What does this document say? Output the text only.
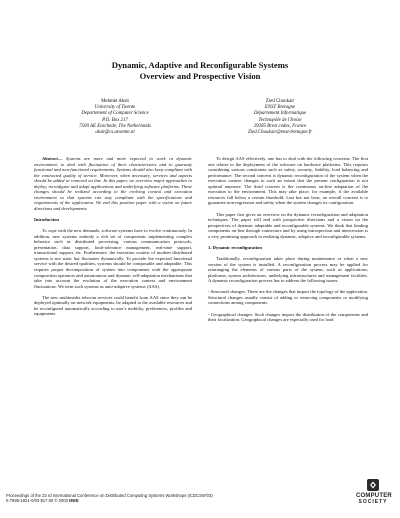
Dynamic, Adaptive and Reconfigurable Systems
Overview and Prospective Vision
Mehmet Aksit
University of Twente
Departement of Computer Science
P.O. Box 217
7500 AE Enschede, The Netherlands
aksit@cs.utwente.nl
Zied Choukair
ENST Bretagne
Département Informatique
Technopôle de l'Iroise
29285 Brest cedex, France
Zied.Choukair@enst-bretagne.fr

Abstract— Systems are more and more expected to work in dynamic environment, to deal with fluctuation of their characteristics and to guaranty functional and non-functional requirements. Systems should also keep compliant with the contracted quality of service. Moreover, when necessary, services and aspects should be added or removed on line. In this paper, we overview major approaches to deploy, reconfigure and adapt applications and underlying software platforms. These changes should be realized according to the evolving context and execution environment so that systems can stay compliant with the specifications and requirements of the application. We end this position paper with a vision on future directions and developments.

Introduction

To cope with the new demands, software systems have to evolve continuously. In addition, new systems embody a rich set of components implementing complex behavior such as distributed processing, various communication protocols, presentation, data support, fault-tolerance management, real-time support, transactional support, etc. Furthermore, the execution context of modern distributed systems is not static but fluctuates dynamically. To provide the expected functional service with the desired qualities, systems should be composable and adaptable. This requires proper decomposition of system into components with the appropriate composition operators and autonomous and dynamic self-adaptation mechanisms that take into account the evolution of the execution context and environment fluctuations. We term such systems as auto-adaptive systems (AAS).

The new multimedia telecom services could benefit from AAS since they can be deployed optimally on network equipments, be adapted to the available resources and be reconfigured automatically according to user's mobility, preferences, profiles and equipments.

To design AAS effectively, one has to deal with the following concerns: The first one relates to the deployment of the software on hardware platforms. This requires considering various constraints such as safety, security, fiability, load balancing and performance: The second concern is dynamic reconfiguration of the system when the execution context changes to such an extent that the present configuration is not optimal anymore. The third concern is the continuous on-line adaptation of the execution to the environment. This may take place, for example, if the available resources fall below a certain threshold. Last but not least, an overall concern is to guarantee non-regression and safety when the system changes its configuration.

This paper first gives an overview on the dynamic reconfiguration and adaptation techniques. The paper will end with prospective directions and a vision on the perspectives of dynamic adaptable and reconfigurable systems. We think that binding components on-line through connectors and by using introspection and intercession is a very promising approach in realizing dynamic, adaptive and reconfigurable systems.

1. Dynamic reconfiguration

Traditionally, reconfiguration takes place during maintenance or when a new version of the system is installed. A reconfiguration process may be applied for rearranging the elements of various parts of the system, such as applications, platforms, system architectures, underlying infrastructures and management facilities. A dynamic reconfiguration process has to address the following issues:

- Structural changes: These are the changes that impact the topology of the application. Structural changes usually consist of adding or removing components or modifying connections among components.

- Geographical changes: Such changes impact the distribution of the components and their localization. Geographical changes are especially used for load

Proceedings of the 23 rd International Conference on Distributed Computing Systems Workshops (ICDCSW'03)
0-7695-1921-0/03 $17.00 © 2003 IEEE
COMPUTER
SOCIETY
